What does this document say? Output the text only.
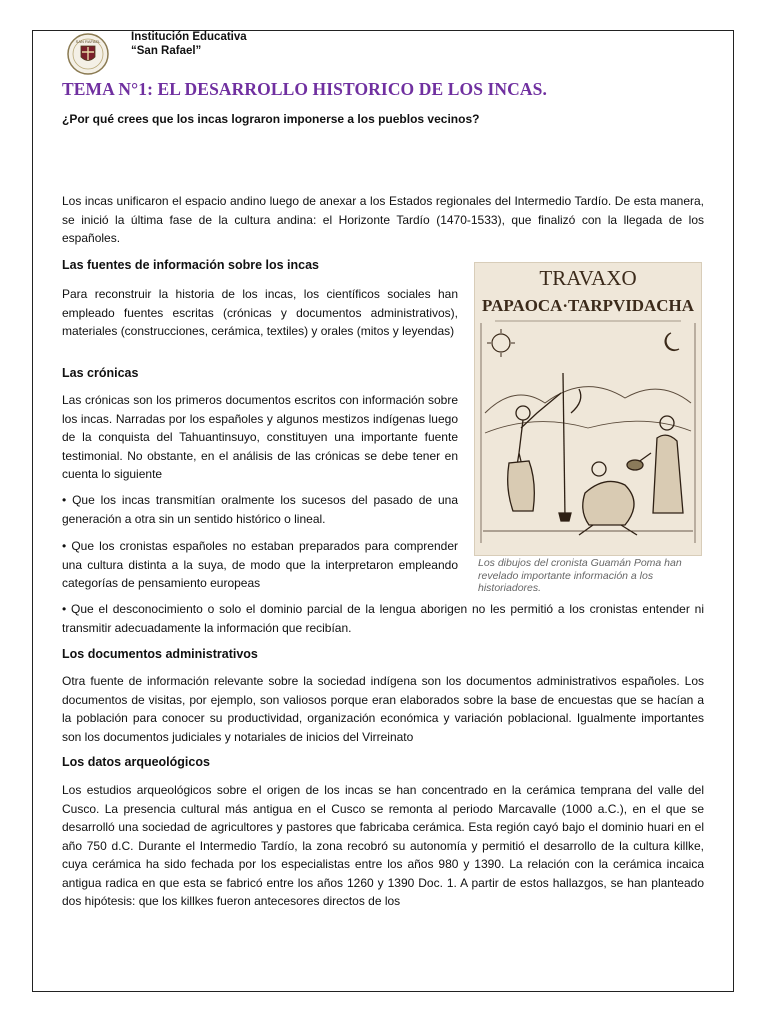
SAN RAFAEL	Institución Educativa
“San Rafael”
TEMA N°1: EL DESARROLLO HISTORICO DE LOS INCAS.
¿Por qué crees que los incas lograron imponerse a los pueblos vecinos?

Los incas unificaron el espacio andino luego de anexar a los Estados regionales del Intermedio Tardío. De esta manera, se inició la última fase de la cultura andina: el Horizonte Tardío (1470-1533), que finalizó con la llegada de los españoles.

Las fuentes de información sobre los incas

Para reconstruir la historia de los incas, los científicos sociales han empleado fuentes escritas (crónicas y documentos administrativos), materiales (construcciones, cerámica, textiles) y orales (mitos y leyendas)

Las crónicas

Las crónicas son los primeros documentos escritos con información sobre los incas. Narradas por los españoles y algunos mestizos indígenas luego de la conquista del Tahuantinsuyo, constituyen una importante fuente testimonial. No obstante, en el análisis de las crónicas se debe tener en cuenta lo siguiente

• Que los incas transmitían oralmente los sucesos del pasado de una generación a otra sin un sentido histórico o lineal.

• Que los cronistas españoles no estaban preparados para comprender una cultura distinta a la suya, de modo que la interpretaron empleando categorías de pensamiento europeas

• Que el desconocimiento o solo el dominio parcial de la lengua aborigen no les permitió a los cronistas entender ni transmitir adecuadamente la información que recibían.

Los documentos administrativos

Otra fuente de información relevante sobre la sociedad indígena son los documentos administrativos españoles. Los documentos de visitas, por ejemplo, son valiosos porque eran elaborados sobre la base de encuestas que se hacían a la población para conocer su productividad, organización económica y variación poblacional. Igualmente importantes son los documentos judiciales y notariales de inicios del Virreinato

Los datos arqueológicos

Los estudios arqueológicos sobre el origen de los incas se han concentrado en la cerámica temprana del valle del Cusco. La presencia cultural más antigua en el Cusco se remonta al periodo Marcavalle (1000 a.C.), en el que se desarrolló una sociedad de agricultores y pastores que fabricaba cerámica. Esta región cayó bajo el dominio huari en el año 750 d.C. Durante el Intermedio Tardío, la zona recobró su autonomía y permitió el desarrollo de la cultura killke, cuya cerámica ha sido fechada por los especialistas entre los años 980 y 1390. La relación con la cerámica incaica antigua radica en que esta se fabricó entre los años 1260 y 1390 Doc. 1. A partir de estos hallazgos, se han planteado dos hipótesis: que los killkes fueron antecesores directos de los

TRAVAXO
PAPAOCA·TARPVIDACHA
Los dibujos del cronista Guamán Poma han revelado importante información a los historiadores.
